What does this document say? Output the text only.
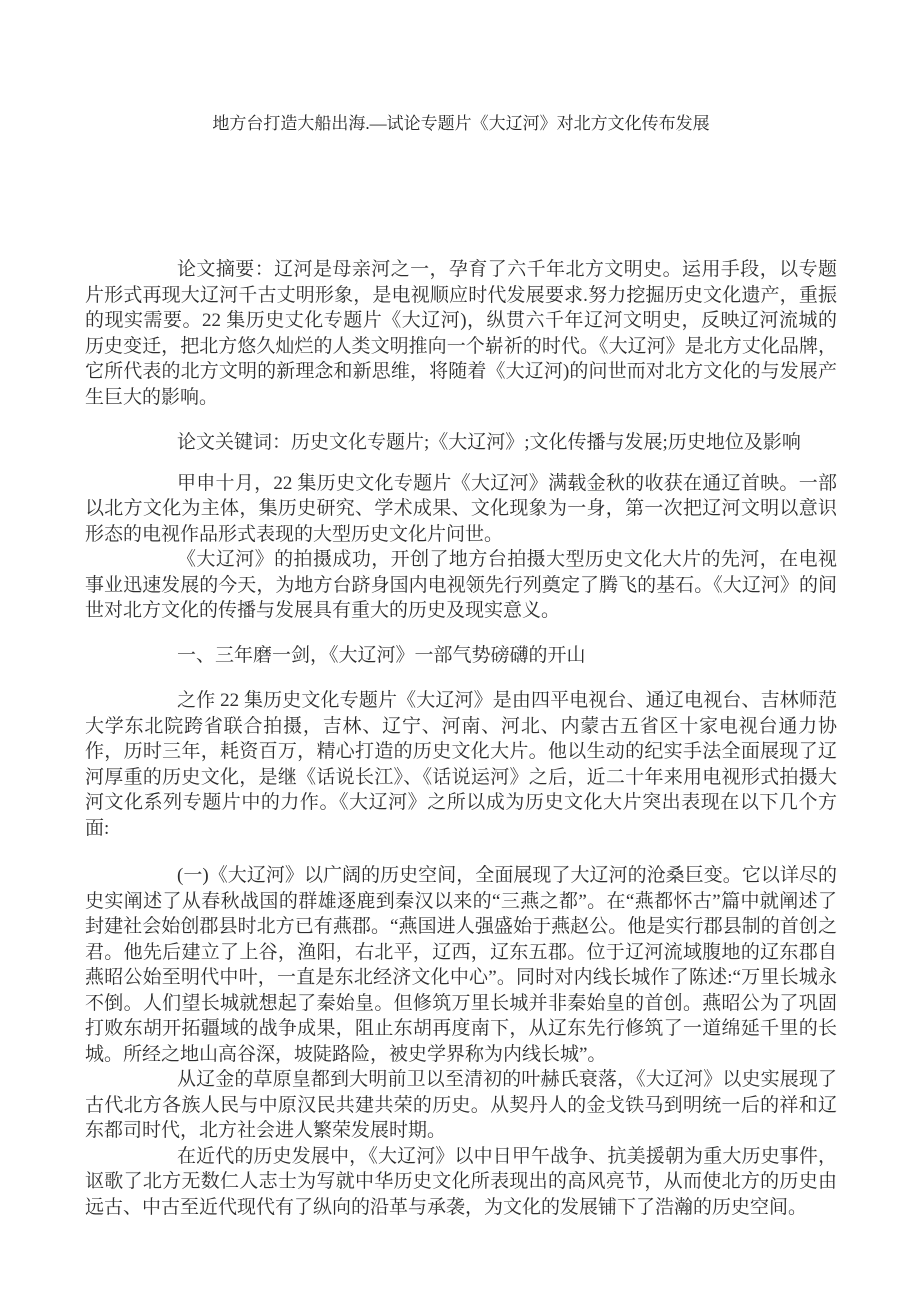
地方台打造大船出海.—试论专题片《大辽河》对北方文化传布发展

论文摘要：辽河是母亲河之一，孕育了六千年北方文明史。运用手段，以专题片形式再现大辽河千古丈明形象，是电视顺应时代发展要求.努力挖掘历史文化遗产，重振的现实需要。22 集历史丈化专题片《大辽河)，纵贯六千年辽河文明史，反映辽河流城的历史变迁，把北方悠久灿烂的人类文明推向一个崭祈的时代。《大辽河》是北方丈化品牌，它所代表的北方文明的新理念和新思维，将随着《大辽河)的问世而对北方文化的与发展产生巨大的影响。

论文关键词：历史文化专题片;《大辽河》;文化传播与发展;历史地位及影响

甲申十月，22 集历史文化专题片《大辽河》满载金秋的收获在通辽首映。一部以北方文化为主体，集历史研究、学术成果、文化现象为一身，第一次把辽河文明以意识形态的电视作品形式表现的大型历史文化片问世。

《大辽河》的拍摄成功，开创了地方台拍摄大型历史文化大片的先河，在电视事业迅速发展的今天，为地方台跻身国内电视领先行列奠定了腾飞的基石。《大辽河》的间世对北方文化的传播与发展具有重大的历史及现实意义。

一、三年磨一剑，《大辽河》一部气势磅礴的开山

之作 22 集历史文化专题片《大辽河》是由四平电视台、通辽电视台、吉林师范大学东北院跨省联合拍摄，吉林、辽宁、河南、河北、内蒙古五省区十家电视台通力协作，历时三年，耗资百万，精心打造的历史文化大片。他以生动的纪实手法全面展现了辽河厚重的历史文化，是继《话说长江》、《话说运河》之后，近二十年来用电视形式拍摄大河文化系列专题片中的力作。《大辽河》之所以成为历史文化大片突出表现在以下几个方面:

(一)《大辽河》以广阔的历史空间，全面展现了大辽河的沧桑巨变。它以详尽的史实阐述了从春秋战国的群雄逐鹿到秦汉以来的“三燕之都”。在“燕都怀古”篇中就阐述了封建社会始创郡县时北方已有燕郡。“燕国进人强盛始于燕赵公。他是实行郡县制的首创之君。他先后建立了上谷，渔阳，右北平，辽西，辽东五郡。位于辽河流域腹地的辽东郡自燕昭公始至明代中叶，一直是东北经济文化中心”。同时对内线长城作了陈述:“万里长城永不倒。人们望长城就想起了秦始皇。但修筑万里长城并非秦始皇的首创。燕昭公为了巩固打败东胡开拓疆域的战争成果，阻止东胡再度南下，从辽东先行修筑了一道绵延千里的长城。所经之地山高谷深，坡陡路险，被史学界称为内线长城”。

从辽金的草原皇都到大明前卫以至清初的叶赫氏衰落，《大辽河》以史实展现了古代北方各族人民与中原汉民共建共荣的历史。从契丹人的金戈铁马到明统一后的祥和辽东都司时代，北方社会进人繁荣发展时期。

在近代的历史发展中，《大辽河》以中日甲午战争、抗美援朝为重大历史事件，讴歌了北方无数仁人志士为写就中华历史文化所表现出的高风亮节，从而使北方的历史由远古、中古至近代现代有了纵向的沿革与承袭，为文化的发展铺下了浩瀚的历史空间。
